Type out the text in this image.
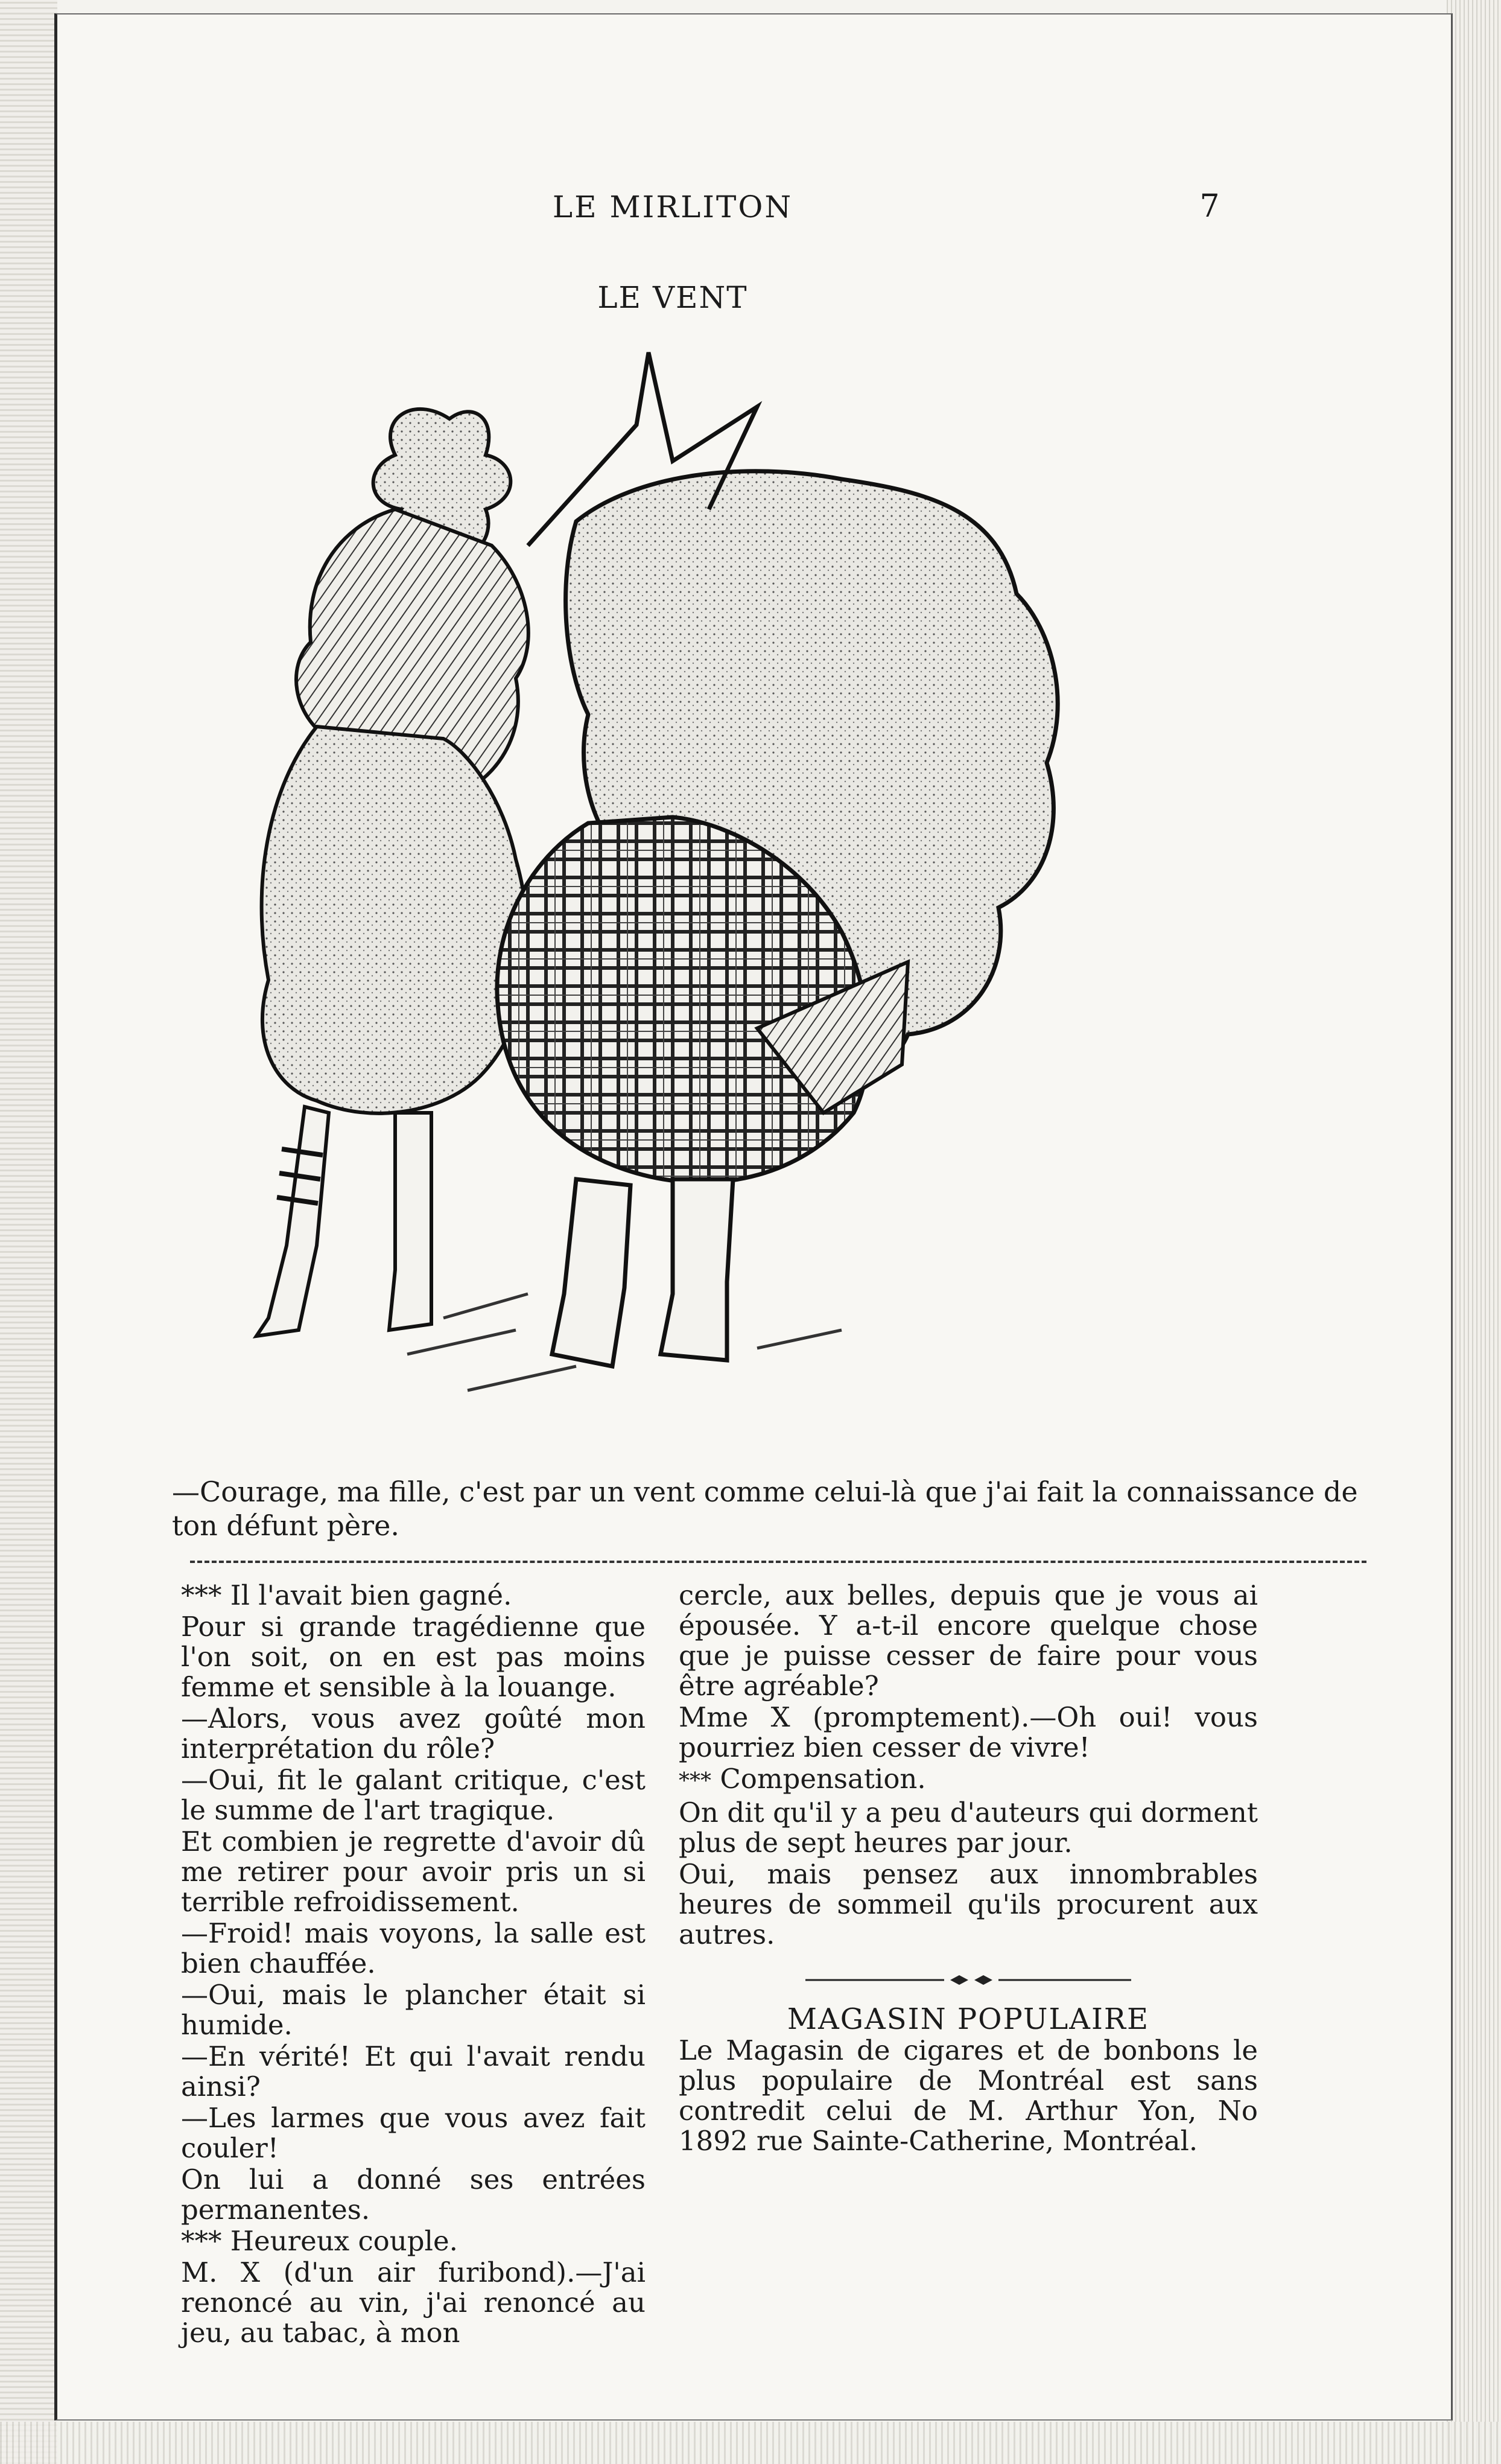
LE MIRLITON	7
LE VENT
—Courage, ma fille, c'est par un vent comme celui-là que j'ai fait la connaissance de ton défunt père.

*** Il l'avait bien gagné.

Pour si grande tragédienne que l'on soit, on en est pas moins femme et sensible à la louange.

—Alors, vous avez goûté mon interprétation du rôle?

—Oui, fit le galant critique, c'est le summe de l'art tragique.

Et combien je regrette d'avoir dû me retirer pour avoir pris un si terrible refroidissement.

—Froid! mais voyons, la salle est bien chauffée.

—Oui, mais le plancher était si humide.

—En vérité! Et qui l'avait rendu ainsi?

—Les larmes que vous avez fait couler!

On lui a donné ses entrées permanentes.

*** Heureux couple.

M. X (d'un air furibond).—J'ai renoncé au vin, j'ai renoncé au jeu, au tabac, à mon

cercle, aux belles, depuis que je vous ai épousée. Y a-t-il encore quelque chose que je puisse cesser de faire pour vous être agréable?

Mme X (promptement).—Oh oui! vous pourriez bien cesser de vivre!

*** Compensation.

On dit qu'il y a peu d'auteurs qui dorment plus de sept heures par jour.

Oui, mais pensez aux innombrables heures de sommeil qu'ils procurent aux autres.

MAGASIN POPULAIRE

Le Magasin de cigares et de bonbons le plus populaire de Montréal est sans contredit celui de M. Arthur Yon, No 1892 rue Sainte-Catherine, Montréal.
